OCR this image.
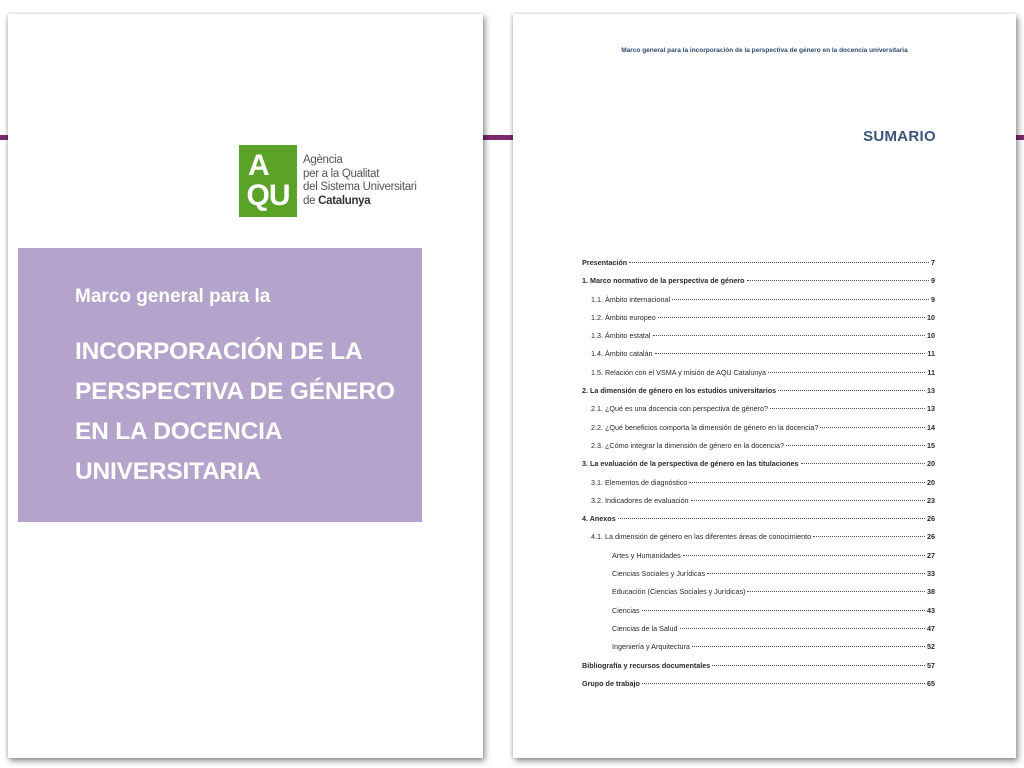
A
QU
Agència
per a la Qualitat
del Sistema Universitari
de Catalunya
Marco general para la
INCORPORACIÓN DE LA
PERSPECTIVA DE GÉNERO
EN LA DOCENCIA
UNIVERSITARIA
Marco general para la incorporación de la perspectiva de género en la docencia universitaria
SUMARIO
Presentación	7
1. Marco normativo de la perspectiva de género	9
1.1. Ámbito internacional	9
1.2. Ámbito europeo	10
1.3. Ámbito estatal	10
1.4. Ámbito catalán	11
1.5. Relación con el VSMA y misión de AQU Catalunya	11
2. La dimensión de género en los estudios universitarios	13
2.1. ¿Qué es una docencia con perspectiva de género?	13
2.2. ¿Qué beneficios comporta la dimensión de género en la docencia?	14
2.3. ¿Cómo integrar la dimensión de género en la docencia?	15
3. La evaluación de la perspectiva de género en las titulaciones	20
3.1. Elementos de diagnóstico	20
3.2. Indicadores de evaluación	23
4. Anexos	26
4.1. La dimensión de género en las diferentes áreas de conocimiento	26
Artes y Humanidades	27
Ciencias Sociales y Jurídicas	33
Educación (Ciencias Sociales y Jurídicas)	38
Ciencias	43
Ciencias de la Salud	47
Ingeniería y Arquitectura	52
Bibliografía y recursos documentales	57
Grupo de trabajo	65
